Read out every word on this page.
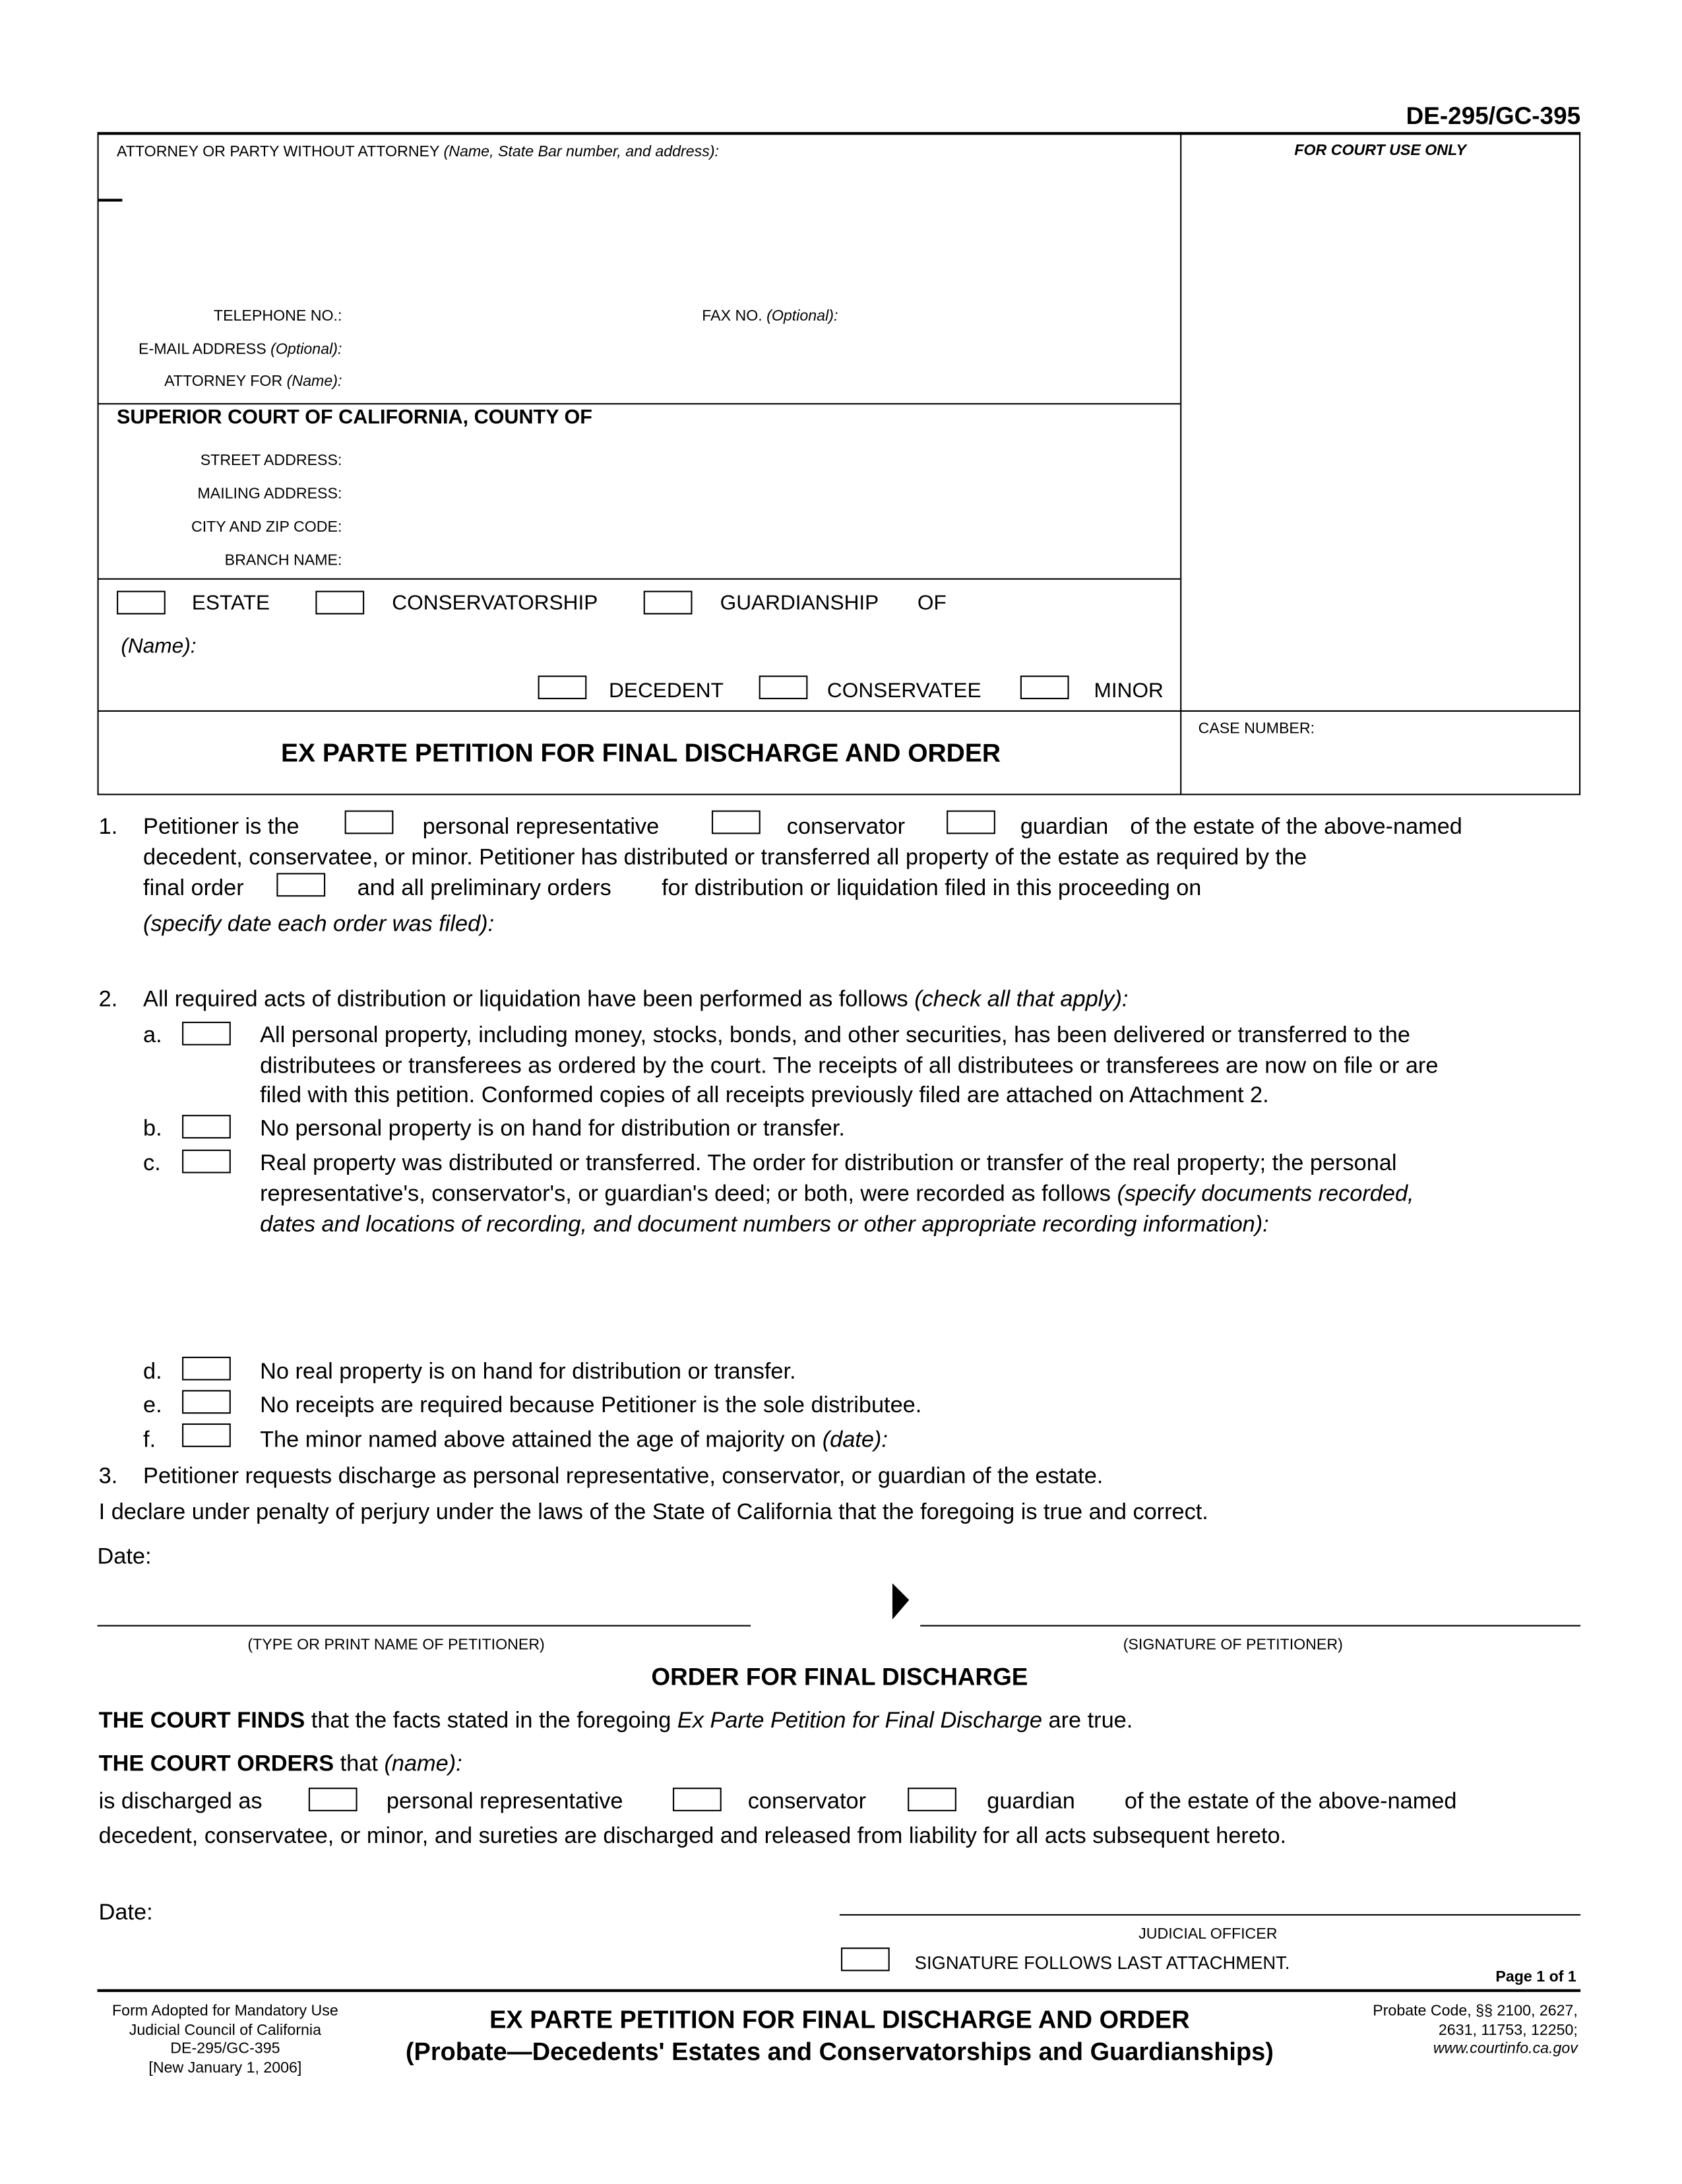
DE-295/GC-395
ATTORNEY OR PARTY WITHOUT ATTORNEY (Name, State Bar number, and address):	FOR COURT USE ONLY
TELEPHONE NO.:	FAX NO. (Optional):
E-MAIL ADDRESS (Optional):
ATTORNEY FOR (Name):
SUPERIOR COURT OF CALIFORNIA, COUNTY OF
STREET ADDRESS:
MAILING ADDRESS:
CITY AND ZIP CODE:
BRANCH NAME:
ESTATE	CONSERVATORSHIP	GUARDIANSHIP	OF
(Name):
DECEDENT	CONSERVATEE	MINOR
EX PARTE PETITION FOR FINAL DISCHARGE AND ORDER
CASE NUMBER:
1. Petitioner is the	personal representative	conservator	guardian of the estate of the above-named
decedent, conservatee, or minor. Petitioner has distributed or transferred all property of the estate as required by the
final order	and all preliminary orders	for distribution or liquidation filed in this proceeding on
(specify date each order was filed):
2. All required acts of distribution or liquidation have been performed as follows (check all that apply):
a.	All personal property, including money, stocks, bonds, and other securities, has been delivered or transferred to the
distributees or transferees as ordered by the court. The receipts of all distributees or transferees are now on file or are
filed with this petition. Conformed copies of all receipts previously filed are attached on Attachment 2.
b.	No personal property is on hand for distribution or transfer.
c.	Real property was distributed or transferred. The order for distribution or transfer of the real property; the personal
representative's, conservator's, or guardian's deed; or both, were recorded as follows (specify documents recorded,
dates and locations of recording, and document numbers or other appropriate recording information):
d.	No real property is on hand for distribution or transfer.
e.	No receipts are required because Petitioner is the sole distributee.
f.	The minor named above attained the age of majority on (date):
3. Petitioner requests discharge as personal representative, conservator, or guardian of the estate.
I declare under penalty of perjury under the laws of the State of California that the foregoing is true and correct.
Date:
(TYPE OR PRINT NAME OF PETITIONER)	(SIGNATURE OF PETITIONER)
ORDER FOR FINAL DISCHARGE
THE COURT FINDS that the facts stated in the foregoing Ex Parte Petition for Final Discharge are true.
THE COURT ORDERS that (name):
is discharged as	personal representative	conservator	guardian	of the estate of the above-named
decedent, conservatee, or minor, and sureties are discharged and released from liability for all acts subsequent hereto.
Date:
JUDICIAL OFFICER
SIGNATURE FOLLOWS LAST ATTACHMENT.
Page 1 of 1
Form Adopted for Mandatory Use
Judicial Council of California
DE-295/GC-395
[New January 1, 2006]
EX PARTE PETITION FOR FINAL DISCHARGE AND ORDER
(Probate—Decedents' Estates and Conservatorships and Guardianships)
Probate Code, §§ 2100, 2627,
2631, 11753, 12250;
www.courtinfo.ca.gov
